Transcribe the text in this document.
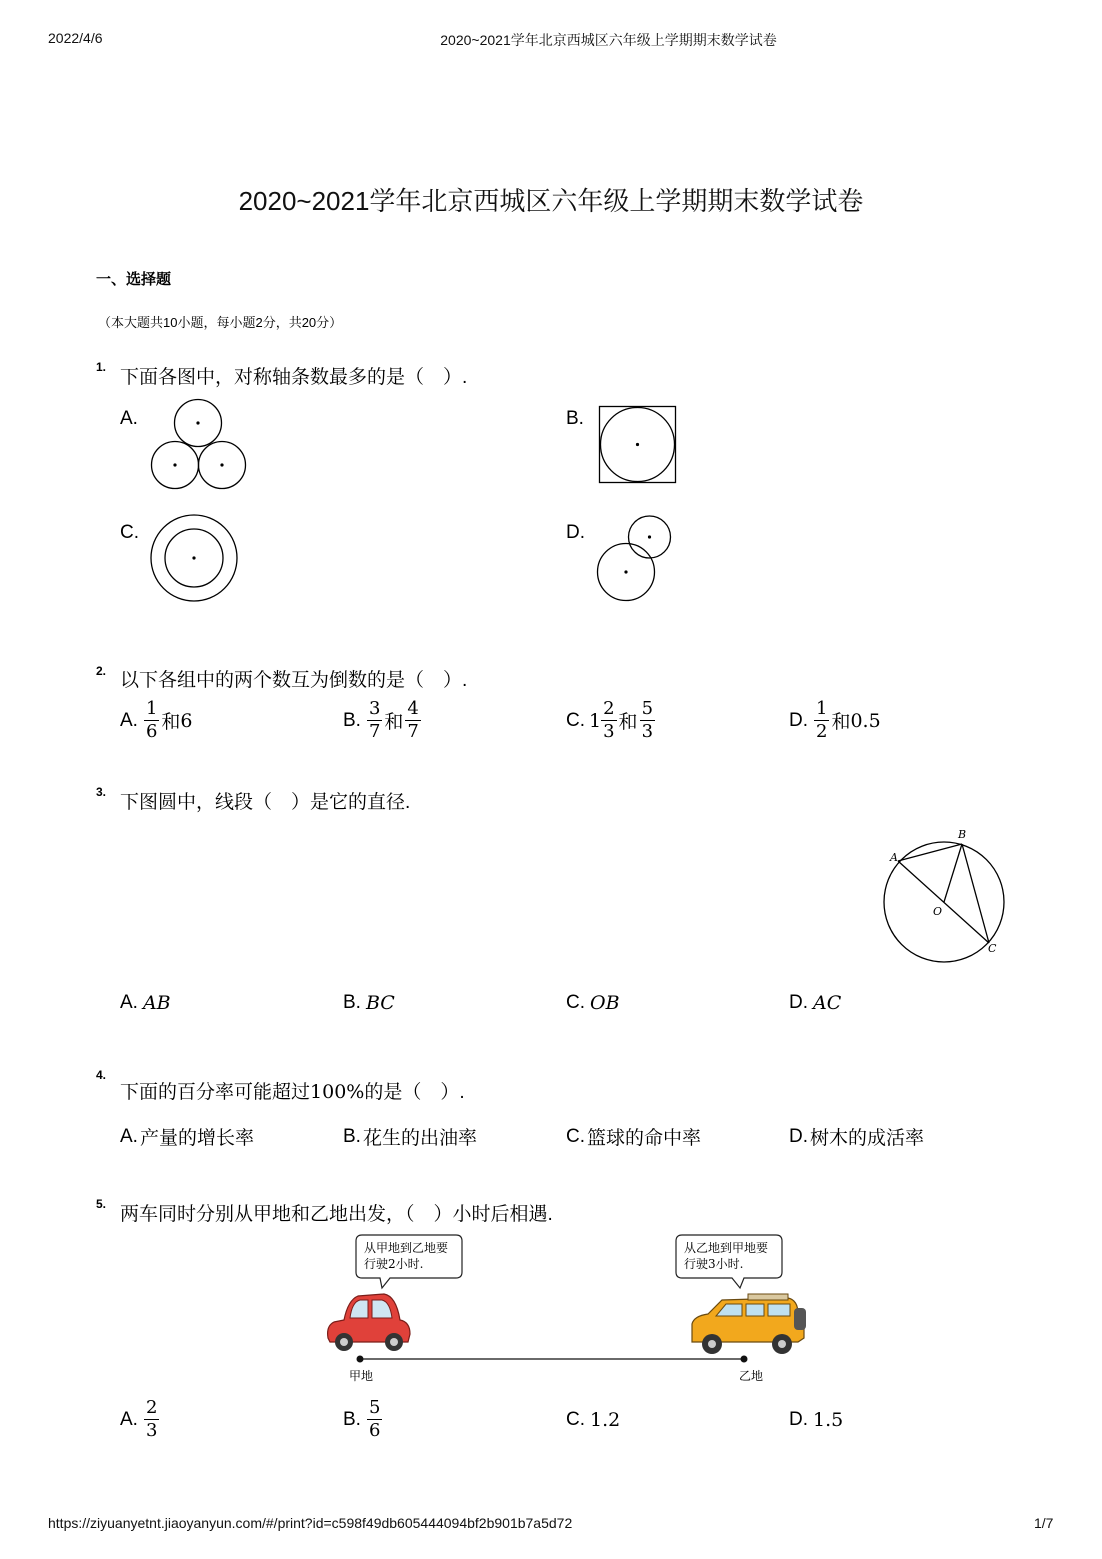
2022/4/6	2020~2021学年北京西城区六年级上学期期末数学试卷
2020~2021学年北京西城区六年级上学期期末数学试卷
一、选择题
（本大题共10小题，每小题2分，共20分）
1. 下面各图中，对称轴条数最多的是（　）.
A.	B.
C.	D.
2. 以下各组中的两个数互为倒数的是（　）.
A. $\frac{1}{6}$ 和 6	B. $\frac{3}{7}$ 和 $\frac{4}{7}$	C. $1 \frac{2}{3}$ 和 $\frac{5}{3}$	D. $\frac{1}{2}$ 和 0.5
3. 下图圆中，线段（　）是它的直径.
A
B
O
C
A. AB	B. BC	C. OB	D. AC
4.
下面的百分率可能超过100%的是（　）.
A. 产量的增长率	B. 花生的出油率	C. 篮球的命中率	D. 树木的成活率
5. 两车同时分别从甲地和乙地出发，（　）小时后相遇.
从甲地到乙地要
行驶2小时.
从乙地到甲地要
行驶3小时.
甲地	乙地
A. $\frac{2}{3}$	B. $\frac{5}{6}$	C. 1.2	D. 1.5
https://ziyuanyetnt.jiaoyanyun.com/#/print?id=c598f49db605444094bf2b901b7a5d72	1/7
